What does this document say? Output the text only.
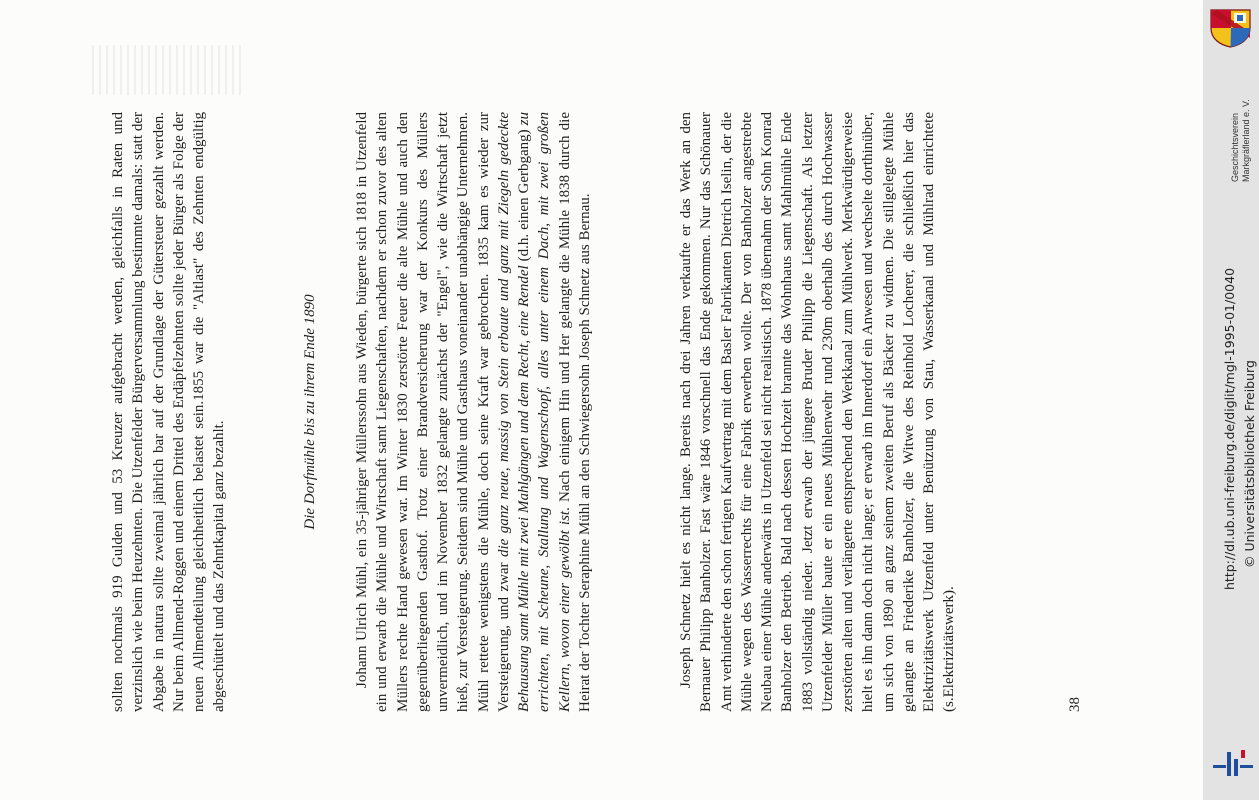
sollten nochmals 919 Gulden und 53 Kreuzer aufgebracht werden, gleichfalls in Raten und verzinslich wie beim Heuzehnten. Die Utzenfelder Bürgerversammlung bestimmte damals: statt der Abgabe in natura sollte zweimal jährlich bar auf der Grundlage der Gütersteuer gezahlt werden. Nur beim Allmend-Roggen und einem Drittel des Erdäpfelzehnten sollte jeder Bürger als Folge der neuen Allmendteilung gleichheitlich belastet sein.1855 war die "Altlast" des Zehnten endgültig abgeschüttelt und das Zehntkapital ganz bezahlt.

Die Dorfmühle bis zu ihrem Ende 1890 Johann Ulrich Mühl, ein 35-jähriger Müllerssohn aus Wieden, bürgerte sich 1818 in Utzenfeld ein und erwarb die Mühle und Wirtschaft samt Liegenschaften, nachdem er schon zuvor des alten Müllers rechte Hand gewesen war. Im Winter 1830 zerstörte Feuer die alte Mühle und auch den gegenüberliegenden Gasthof. Trotz einer Brandversicherung war der Konkurs des Müllers unvermeidlich, und im November 1832 gelangte zunächst der "Engel", wie die Wirtschaft jetzt hieß, zur Versteigerung. Seitdem sind Mühle und Gasthaus voneinander unabhängige Unternehmen. Mühl rettete wenigstens die Mühle, doch seine Kraft war gebrochen. 1835 kam es wieder zur Versteigerung, und zwar die ganz neue, massig von Stein erbaute und ganz mit Ziegeln gedeckte Behausung samt Mühle mit zwei Mahlgängen und dem Recht, eine Rendel (d.h. einen Gerbgang) zu errichten, mit Scheune, Stallung und Wagenschopf, alles unter einem Dach, mit zwei großen Kellern, wovon einer gewölbt ist. Nach einigem Hin und Her gelangte die Mühle 1838 durch die Heirat der Tochter Seraphine Mühl an den Schwiegersohn Joseph Schnetz aus Bernau.	Joseph Schnetz hielt es nicht lange. Bereits nach drei Jahren verkaufte er das Werk an den Bernauer Philipp Banholzer. Fast wäre 1846 vorschnell das Ende gekommen. Nur das Schönauer Amt verhinderte den schon fertigen Kaufvertrag mit dem Basler Fabrikanten Dietrich Iselin, der die Mühle wegen des Wasserrechts für eine Fabrik erwerben wollte. Der von Banholzer angestrebte Neubau einer Mühle anderwärts in Utzenfeld sei nicht realistisch. 1878 übernahm der Sohn Konrad Banholzer den Betrieb. Bald nach dessen Hochzeit brannte das Wohnhaus samt Mahlmühle Ende 1883 vollständig nieder. Jetzt erwarb der jüngere Bruder Philipp die Liegenschaft. Als letzter Utzenfelder Müller baute er ein neues Mühlenwehr rund 230m oberhalb des durch Hochwasser zerstörten alten und verlängerte entsprechend den Werkkanal zum Mühlwerk. Merkwürdigerweise hielt es ihn dann doch nicht lange; er erwarb im Innerdorf ein Anwesen und wechselte dorthinüber, um sich von 1890 an ganz seinem zweiten Beruf als Bäcker zu widmen. Die stillgelegte Mühle gelangte an Friederike Banholzer, die Witwe des Reinhold Locherer, die schließlich hier das Elektrizitätswerk Utzenfeld unter Benützung von Stau, Wasserkanal und Mühlrad einrichtete (s.Elektrizitätswerk).	38

Geschichtsverein Markgräflerland e. V.
http://dl.ub.uni-freiburg.de/diglit/mgl-1995-01/0040 © Universitätsbibliothek Freiburg
